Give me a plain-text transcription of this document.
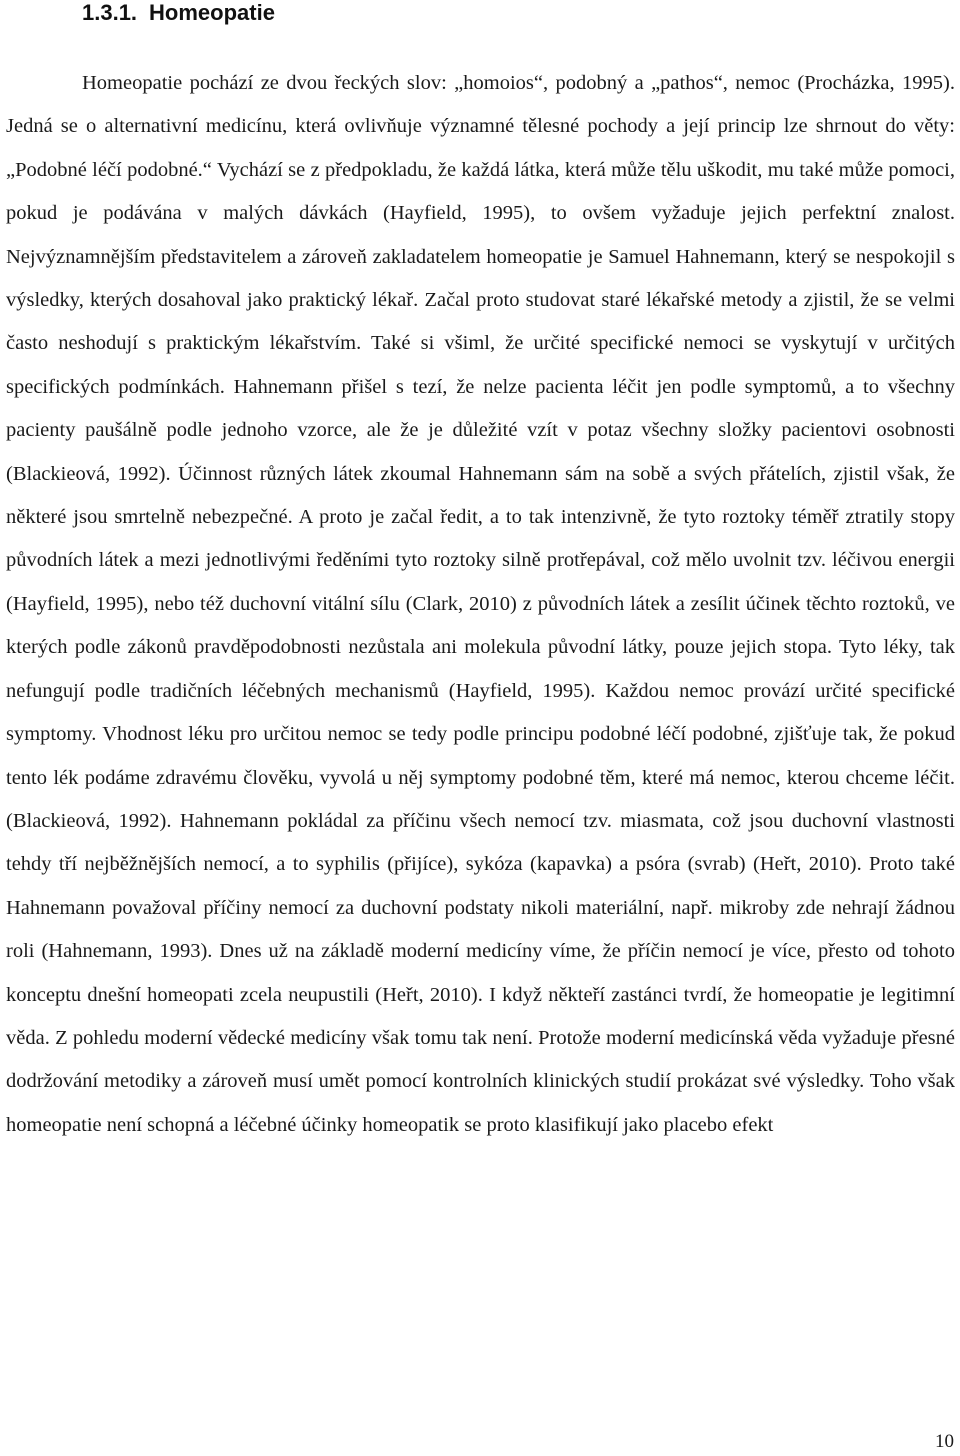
1.3.1. Homeopatie

Homeopatie pochází ze dvou řeckých slov: „homoios“, podobný a „pathos“, nemoc (Procházka, 1995). Jedná se o alternativní medicínu, která ovlivňuje významné tělesné pochody a její princip lze shrnout do věty: „Podobné léčí podobné.“ Vychází se z předpokladu, že každá látka, která může tělu uškodit, mu také může pomoci, pokud je podávána v malých dávkách (Hayfield, 1995), to ovšem vyžaduje jejich perfektní znalost. Nejvýznamnějším představitelem a zároveň zakladatelem homeopatie je Samuel Hahnemann, který se nespokojil s výsledky, kterých dosahoval jako praktický lékař. Začal proto studovat staré lékařské metody a zjistil, že se velmi často neshodují s praktickým lékařstvím. Také si všiml, že určité specifické nemoci se vyskytují v určitých specifických podmínkách. Hahnemann přišel s tezí, že nelze pacienta léčit jen podle symptomů, a to všechny pacienty paušálně podle jednoho vzorce, ale že je důležité vzít v potaz všechny složky pacientovi osobnosti (Blackieová, 1992). Účinnost různých látek zkoumal Hahnemann sám na sobě a svých přátelích, zjistil však, že některé jsou smrtelně nebezpečné. A proto je začal ředit, a to tak intenzivně, že tyto roztoky téměř ztratily stopy původních látek a mezi jednotlivými ředěními tyto roztoky silně protřepával, což mělo uvolnit tzv. léčivou energii (Hayfield, 1995), nebo též duchovní vitální sílu (Clark, 2010) z původních látek a zesílit účinek těchto roztoků, ve kterých podle zákonů pravděpodobnosti nezůstala ani molekula původní látky, pouze jejich stopa. Tyto léky, tak nefungují podle tradičních léčebných mechanismů (Hayfield, 1995). Každou nemoc provází určité specifické symptomy. Vhodnost léku pro určitou nemoc se tedy podle principu podobné léčí podobné, zjišťuje tak, že pokud tento lék podáme zdravému člověku, vyvolá u něj symptomy podobné těm, které má nemoc, kterou chceme léčit. (Blackieová, 1992). Hahnemann pokládal za příčinu všech nemocí tzv. miasmata, což jsou duchovní vlastnosti tehdy tří nejběžnějších nemocí, a to syphilis (přijíce), sykóza (kapavka) a psóra (svrab) (Heřt, 2010). Proto také Hahnemann považoval příčiny nemocí za duchovní podstaty nikoli materiální, např. mikroby zde nehrají žádnou roli (Hahnemann, 1993). Dnes už na základě moderní medicíny víme, že příčin nemocí je více, přesto od tohoto konceptu dnešní homeopati zcela neupustili (Heřt, 2010). I když někteří zastánci tvrdí, že homeopatie je legitimní věda. Z pohledu moderní vědecké medicíny však tomu tak není. Protože moderní medicínská věda vyžaduje přesné dodržování metodiky a zároveň musí umět pomocí kontrolních klinických studií prokázat své výsledky. Toho však homeopatie není schopná a léčebné účinky homeopatik se proto klasifikují jako placebo efekt

10
